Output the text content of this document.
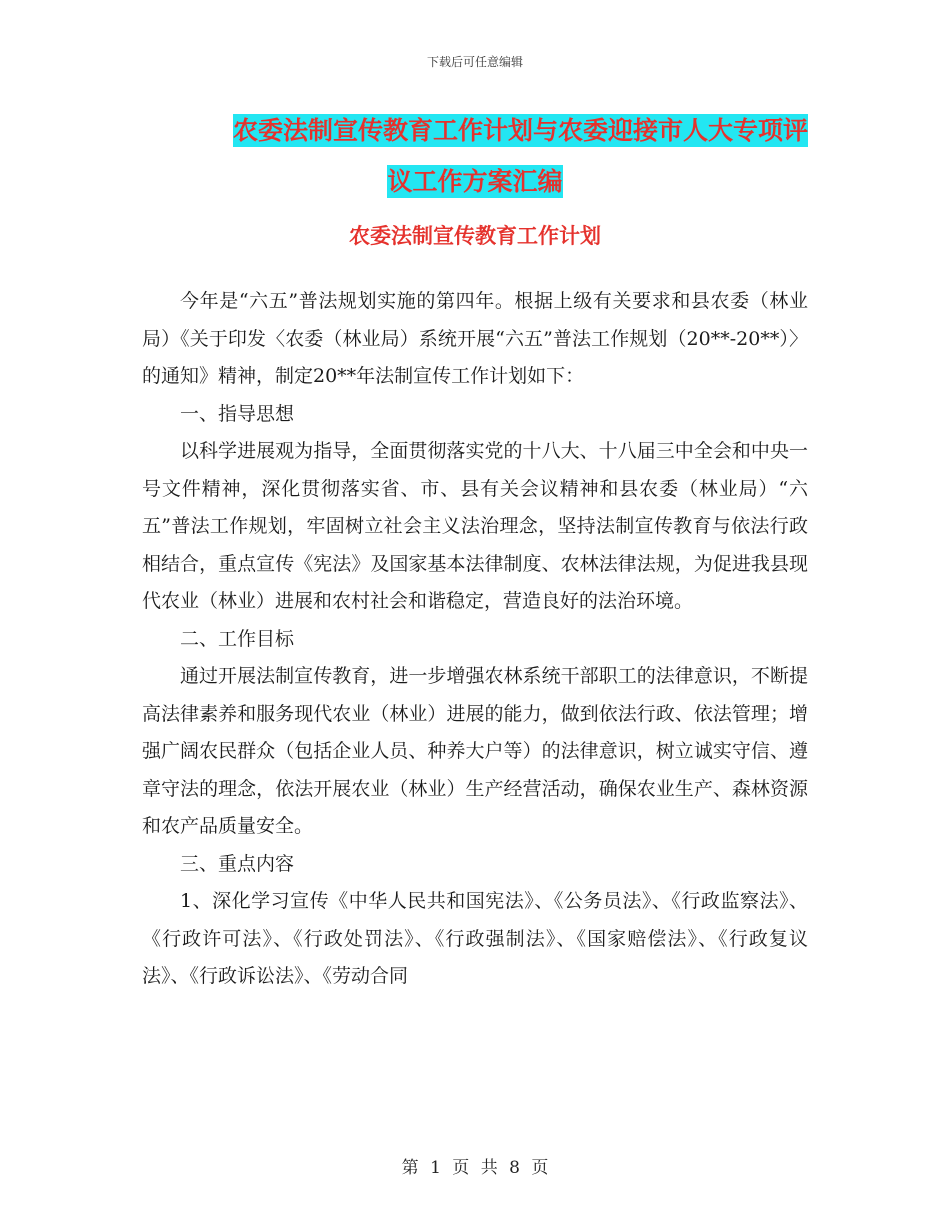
下载后可任意编辑
农委法制宣传教育工作计划与农委迎接市人大专项评
议工作方案汇编
农委法制宣传教育工作计划

今年是“六五”普法规划实施的第四年。根据上级有关要求和县农委（林业局）《关于印发〈农委（林业局）系统开展“六五”普法工作规划（20**-20**）〉的通知》精神，制定20**年法制宣传工作计划如下：

一、指导思想

以科学进展观为指导，全面贯彻落实党的十八大、十八届三中全会和中央一号文件精神，深化贯彻落实省、市、县有关会议精神和县农委（林业局）“六五”普法工作规划，牢固树立社会主义法治理念，坚持法制宣传教育与依法行政相结合，重点宣传《宪法》及国家基本法律制度、农林法律法规，为促进我县现代农业（林业）进展和农村社会和谐稳定，营造良好的法治环境。

二、工作目标

通过开展法制宣传教育，进一步增强农林系统干部职工的法律意识，不断提高法律素养和服务现代农业（林业）进展的能力，做到依法行政、依法管理；增强广阔农民群众（包括企业人员、种养大户等）的法律意识，树立诚实守信、遵章守法的理念，依法开展农业（林业）生产经营活动，确保农业生产、森林资源和农产品质量安全。

三、重点内容

1、深化学习宣传《中华人民共和国宪法》、《公务员法》、《行政监察法》、《行政许可法》、《行政处罚法》、《行政强制法》、《国家赔偿法》、《行政复议法》、《行政诉讼法》、《劳动合同

第 1 页 共 8 页
